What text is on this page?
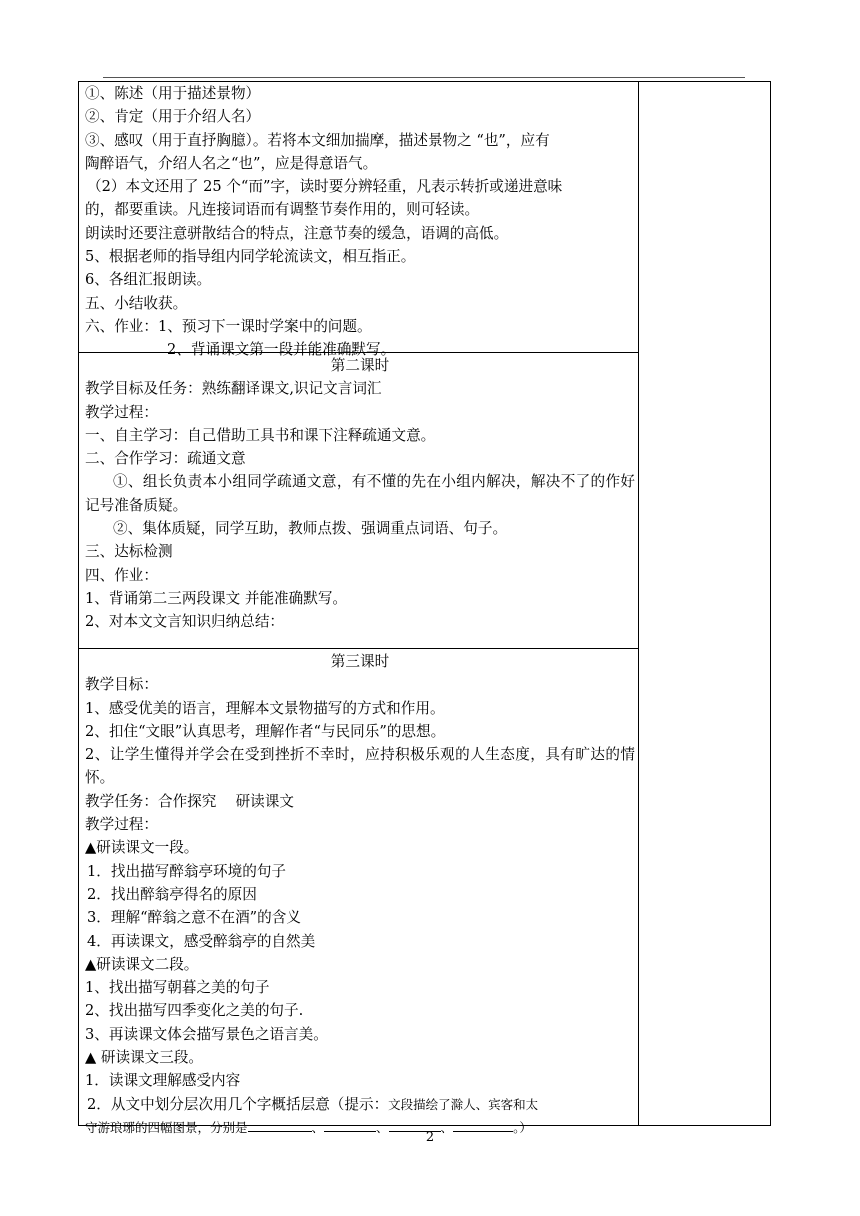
①、陈述（用于描述景物）
②、肯定（用于介绍人名）
③、感叹（用于直抒胸臆）。若将本文细加揣摩，描述景物之 “也”，应有
陶醉语气，介绍人名之“也”，应是得意语气。
（2）本文还用了 25 个“而”字，读时要分辨轻重，凡表示转折或递进意味
的，都要重读。凡连接词语而有调整节奏作用的，则可轻读。
朗读时还要注意骈散结合的特点，注意节奏的缓急，语调的高低。
5、根据老师的指导组内同学轮流读文，相互指正。
6、各组汇报朗读。
五、小结收获。
六、作业：1、预习下一课时学案中的问题。
2、背诵课文第一段并能准确默写。
第二课时
教学目标及任务：熟练翻译课文,识记文言词汇
教学过程：
一、自主学习：自己借助工具书和课下注释疏通文意。
二、合作学习：疏通文意
①、组长负责本小组同学疏通文意，有不懂的先在小组内解决，解决不了的作好记号准备质疑。
②、集体质疑，同学互助，教师点拨、强调重点词语、句子。
三、达标检测
四、作业：
1、背诵第二三两段课文 并能准确默写。
2、对本文文言知识归纳总结：
第三课时
教学目标：
1、感受优美的语言，理解本文景物描写的方式和作用。
2、扣住“文眼”认真思考，理解作者“与民同乐”的思想。
2、让学生懂得并学会在受到挫折不幸时，应持积极乐观的人生态度，具有旷达的情怀。
教学任务：合作探究　 研读课文
教学过程：
▲研读课文一段。
1．找出描写醉翁亭环境的句子
2．找出醉翁亭得名的原因
3．理解“醉翁之意不在酒”的含义
4．再读课文，感受醉翁亭的自然美
▲研读课文二段。
1、找出描写朝暮之美的句子
2、找出描写四季变化之美的句子.
3、再读课文体会描写景色之语言美。
▲ 研读课文三段。
1．读课文理解感受内容
2．从文中划分层次用几个字概括层意（提示：文段描绘了滁人、宾客和太
守游琅琊的四幅图景，分别是	、	、	、	。）
2
